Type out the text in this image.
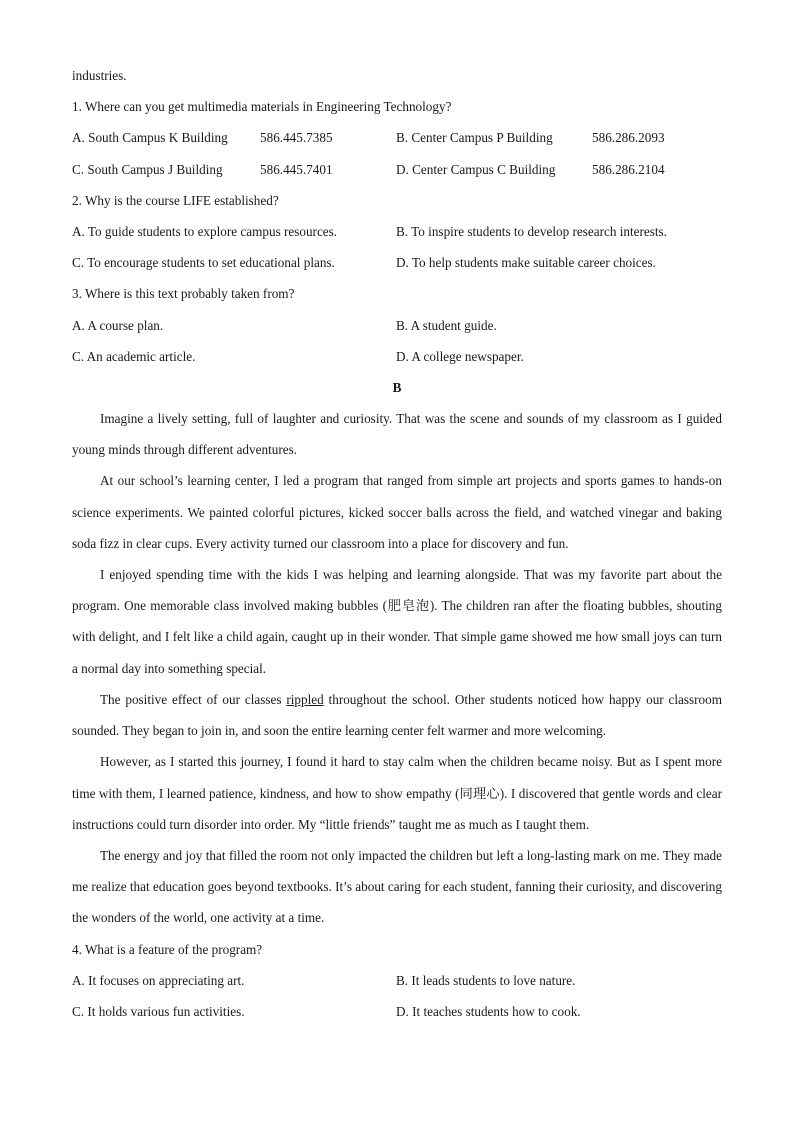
industries.
1. Where can you get multimedia materials in Engineering Technology?
A. South Campus K Building 586.445.7385	B. Center Campus P Building	586.286.2093
C. South Campus J Building	586.445.7401	D. Center Campus C Building	586.286.2104
2. Why is the course LIFE established?
A. To guide students to explore campus resources.	B. To inspire students to develop research interests.
C. To encourage students to set educational plans.	D. To help students make suitable career choices.
3. Where is this text probably taken from?
A. A course plan.	B. A student guide.
C. An academic article.	D. A college newspaper.
B

Imagine a lively setting, full of laughter and curiosity. That was the scene and sounds of my classroom as I guided young minds through different adventures.

At our school’s learning center, I led a program that ranged from simple art projects and sports games to hands-on science experiments. We painted colorful pictures, kicked soccer balls across the field, and watched vinegar and baking soda fizz in clear cups. Every activity turned our classroom into a place for discovery and fun.

I enjoyed spending time with the kids I was helping and learning alongside. That was my favorite part about the program. One memorable class involved making bubbles (肥皂泡). The children ran after the floating bubbles, shouting with delight, and I felt like a child again, caught up in their wonder. That simple game showed me how small joys can turn a normal day into something special.

The positive effect of our classes rippled throughout the school. Other students noticed how happy our classroom sounded. They began to join in, and soon the entire learning center felt warmer and more welcoming.

However, as I started this journey, I found it hard to stay calm when the children became noisy. But as I spent more time with them, I learned patience, kindness, and how to show empathy (同理心). I discovered that gentle words and clear instructions could turn disorder into order. My “little friends” taught me as much as I taught them.

The energy and joy that filled the room not only impacted the children but left a long-lasting mark on me. They made me realize that education goes beyond textbooks. It’s about caring for each student, fanning their curiosity, and discovering the wonders of the world, one activity at a time.

4. What is a feature of the program?
A. It focuses on appreciating art.	B. It leads students to love nature.
C. It holds various fun activities.	D. It teaches students how to cook.
